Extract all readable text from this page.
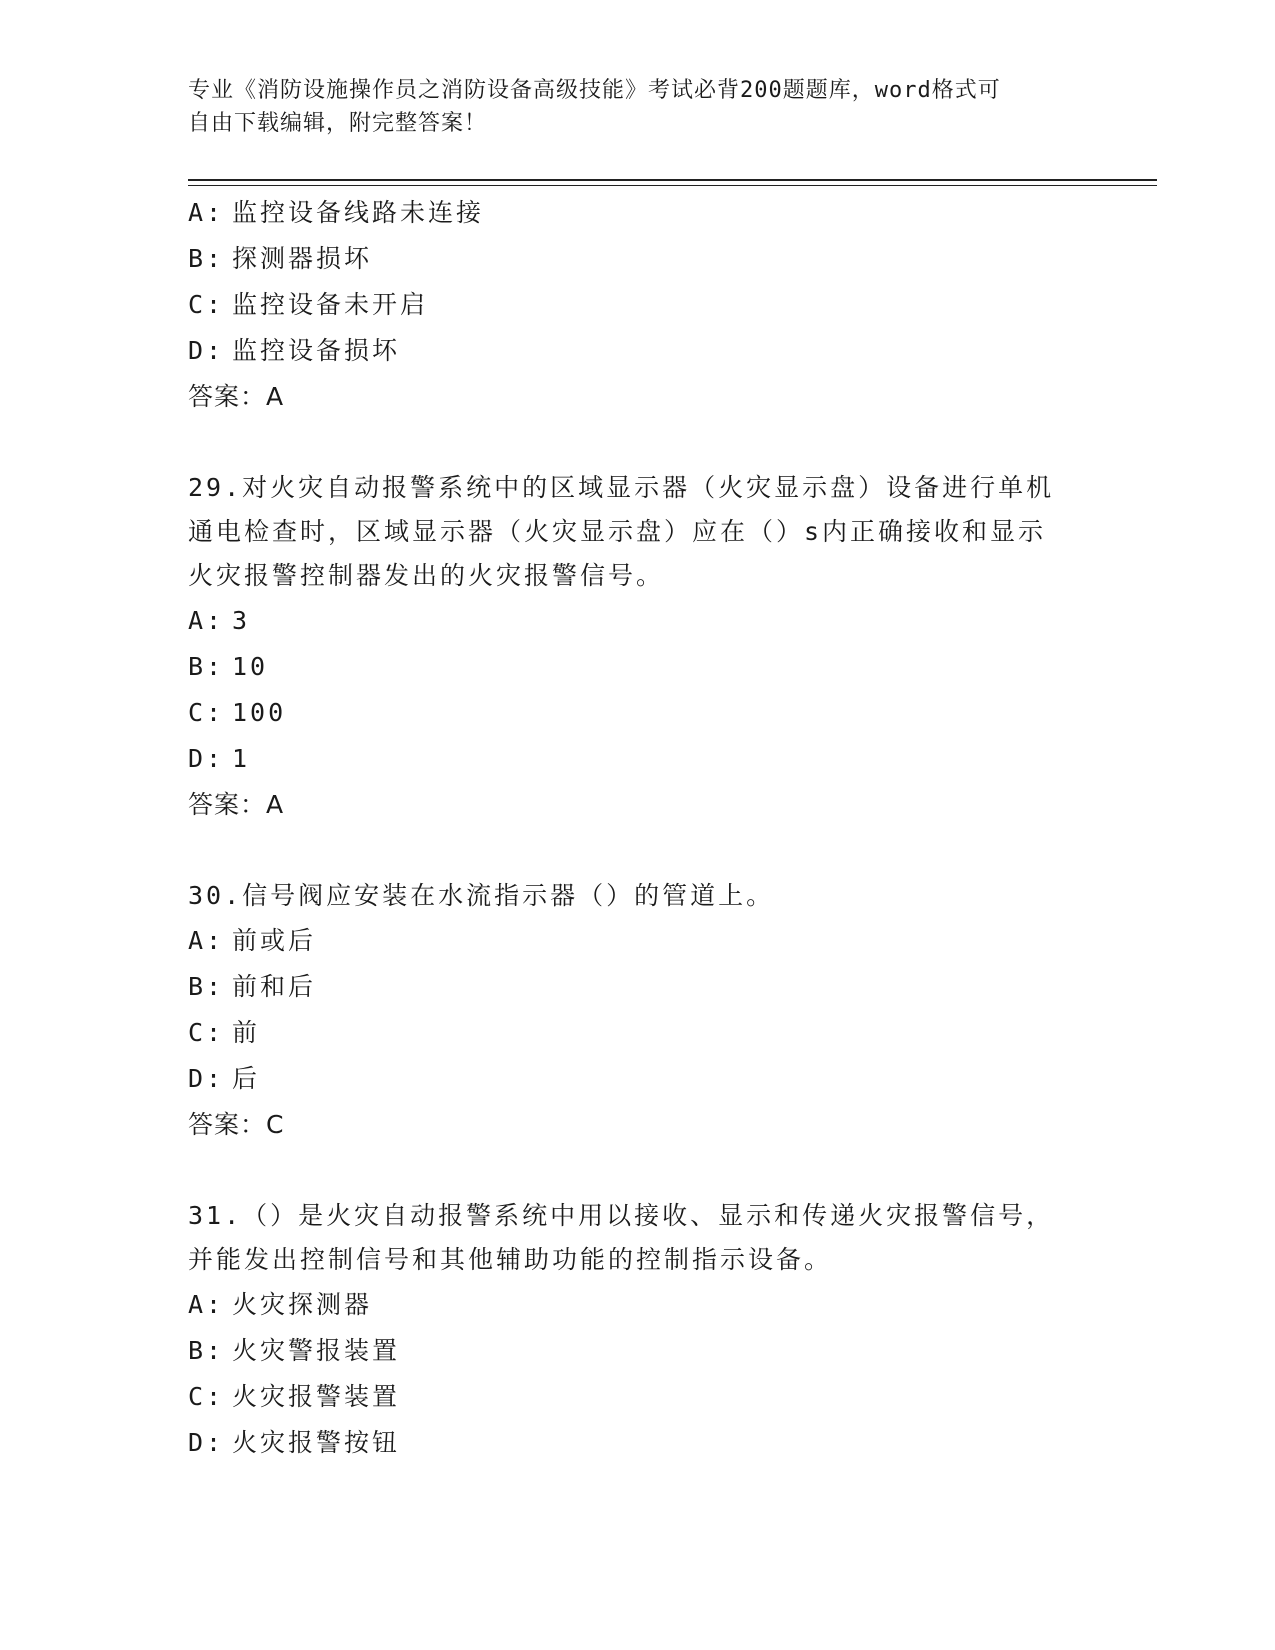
专业《消防设施操作员之消防设备高级技能》考试必背200题题库，word格式可
自由下载编辑，附完整答案！
A: 监控设备线路未连接
B: 探测器损坏
C: 监控设备未开启
D: 监控设备损坏
答案：A
29.对火灾自动报警系统中的区域显示器（火灾显示盘）设备进行单机
通电检查时，区域显示器（火灾显示盘）应在（）s内正确接收和显示
火灾报警控制器发出的火灾报警信号。
A: 3
B: 10
C: 100
D: 1
答案：A
30.信号阀应安装在水流指示器（）的管道上。
A: 前或后
B: 前和后
C: 前
D: 后
答案：C
31.（）是火灾自动报警系统中用以接收、显示和传递火灾报警信号，
并能发出控制信号和其他辅助功能的控制指示设备。
A: 火灾探测器
B: 火灾警报装置
C: 火灾报警装置
D: 火灾报警按钮
